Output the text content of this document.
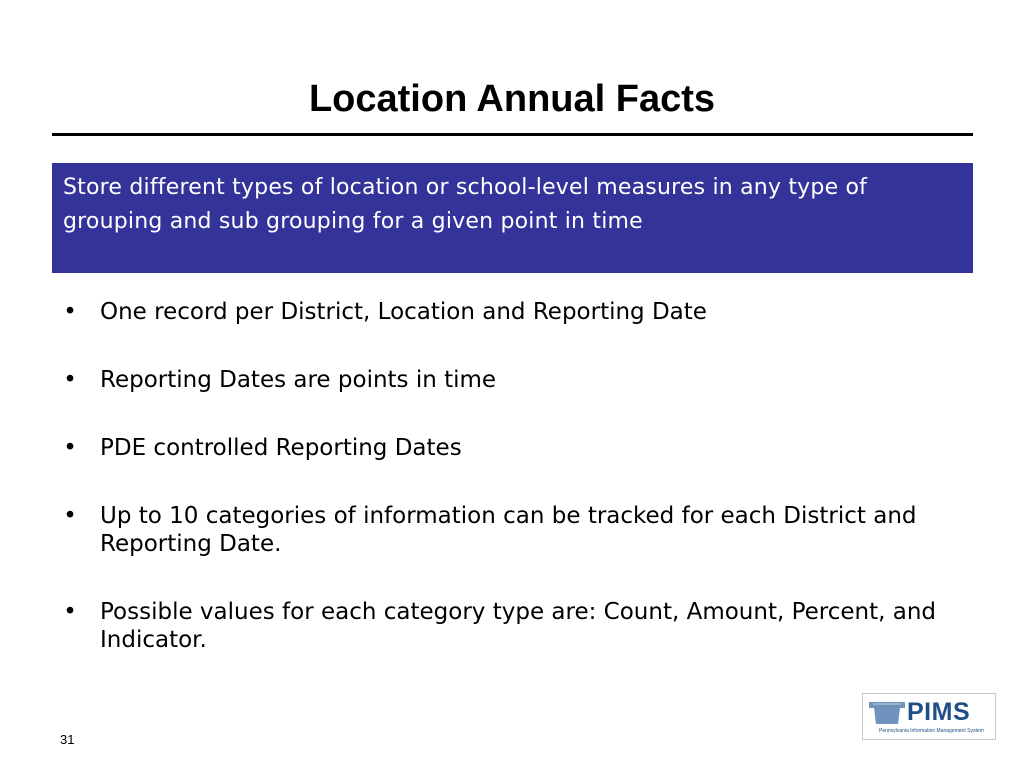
Location Annual Facts
Store different types of location or school-level measures in any type of grouping and sub grouping for a given point in time
• One record per District, Location and Reporting Date
• Reporting Dates are points in time
• PDE controlled Reporting Dates
• Up to 10 categories of information can be tracked for each District and Reporting Date.
• Possible values for each category type are: Count, Amount, Percent, and Indicator.
31
PIMS
Pennsylvania Information Management System
